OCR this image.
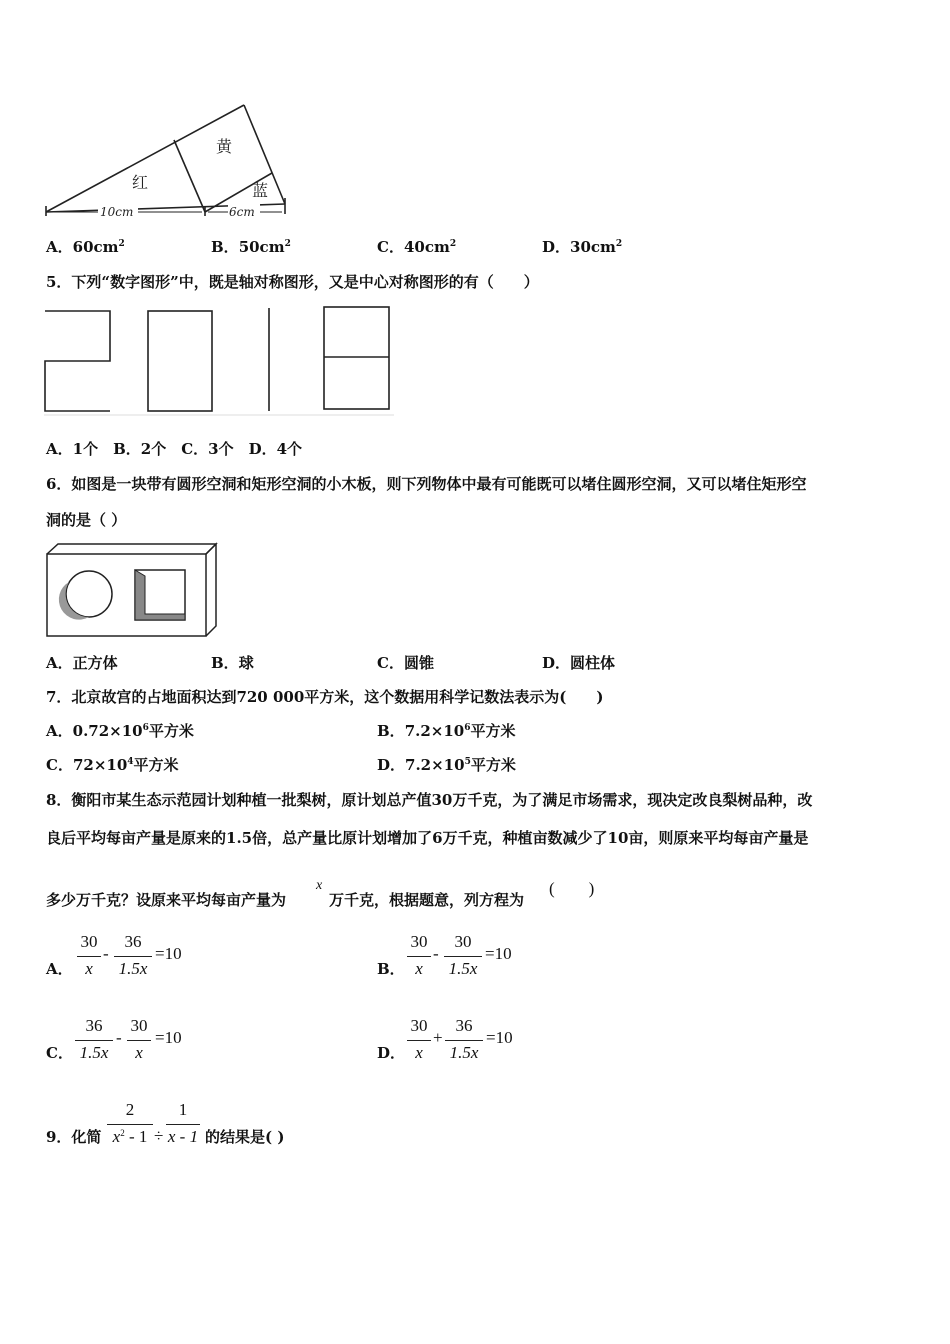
黄
红	蓝
10cm	6cm
A．$60cm^2$	B．$50cm^2$	C．$40cm^2$	D．$30cm^2$
5．下列“数字图形”中，既是轴对称图形，又是中心对称图形的有（　　）
A．1个　B．2个　C．3个　D．4个
6．如图是一块带有圆形空洞和矩形空洞的小木板，则下列物体中最有可能既可以堵住圆形空洞，又可以堵住矩形空
洞的是（ ）
A．正方体	B．球	C．圆锥	D．圆柱体
7．北京故宫的占地面积达到720 000平方米，这个数据用科学记数法表示为(　　)
A．$0.72\times 10^6$平方米	B．$7.2\times 10^6$平方米
C．$72\times 10^4$平方米	D．$7.2\times 10^5$平方米
8．衡阳市某生态示范园计划种植一批梨树，原计划总产值30万千克，为了满足市场需求，现决定改良梨树品种，改
良后平均每亩产量是原来的1.5倍，总产量比原计划增加了6万千克，种植亩数减少了10亩，则原来平均每亩产量是
多少万千克？设原来平均每亩产量为
x
万千克，根据题意，列方程为
(　　)
A．
30
x
-
36
1.5x
=10
B．
30
x
-
30
1.5x
=10
C．
36
1.5x
-
30
x
=10
D．
30
x
+
36
1.5x
=10
9．化简
2
$x^2 - 1$ ÷
1
x - 1 的结果是( )
